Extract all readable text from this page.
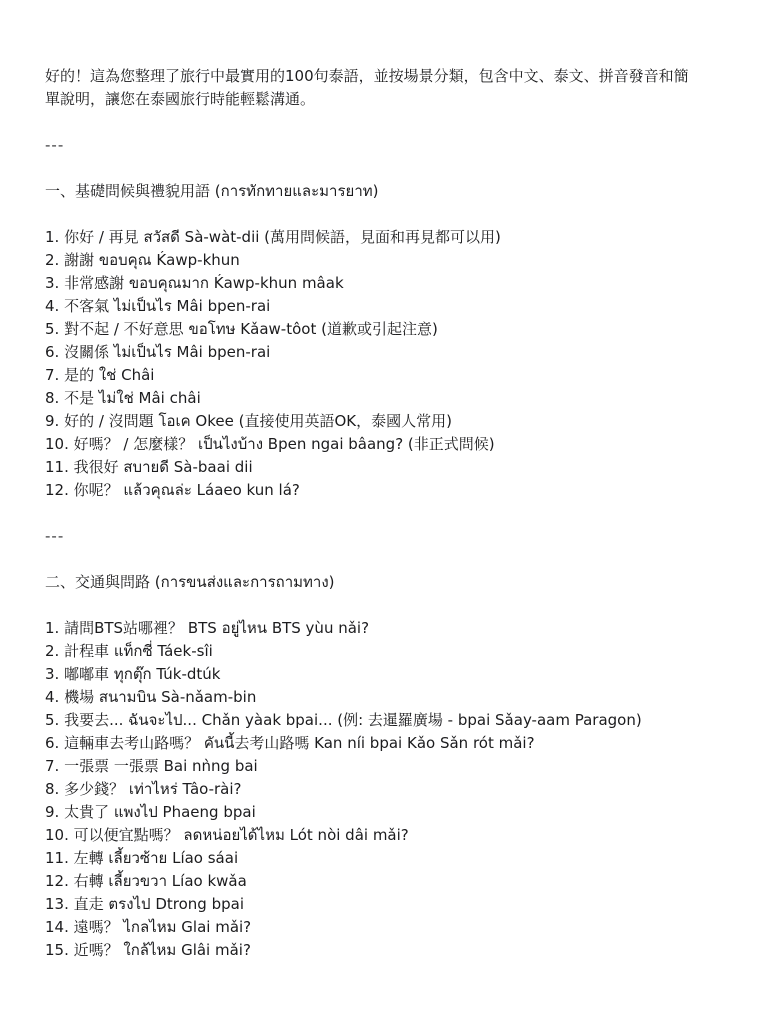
好的！這為您整理了旅行中最實用的100句泰語，並按場景分類，包含中文、泰文、拼音發音和簡
單說明，讓您在泰國旅行時能輕鬆溝通。
---
一、基礎問候與禮貌用語 (การทักทายและมารยาท)
1. 你好 / 再見 สวัสดี Sà-wàt-dii (萬用問候語，見面和再見都可以用)
2. 謝謝 ขอบคุณ Ḱawp-khun
3. 非常感謝 ขอบคุณมาก Ḱawp-khun mâak
4. 不客氣 ไม่เป็นไร Mâi bpen-rai
5. 對不起 / 不好意思 ขอโทษ Kǎaw-tôot (道歉或引起注意)
6. 沒關係 ไม่เป็นไร Mâi bpen-rai
7. 是的 ใช่ Châi
8. 不是 ไม่ใช่ Mâi châi
9. 好的 / 沒問題 โอเค Okee (直接使用英語OK，泰國人常用)
10. 好嗎？ / 怎麼樣？ เป็นไงบ้าง Bpen ngai bâang? (非正式問候)
11. 我很好 สบายดี Sà-baai dii
12. 你呢？ แล้วคุณล่ะ Láaeo kun lá?
---
二、交通與問路 (การขนส่งและการถามทาง)
1. 請問BTS站哪裡？ BTS อยู่ไหน BTS yùu nǎi?
2. 計程車 แท็กซี่ Táek-sîi
3. 嘟嘟車 ทุกตุ๊ก Túk-dtúk
4. 機場 สนามบิน Sà-nǎam-bin
5. 我要去... ฉันจะไป... Chǎn yàak bpai... (例: 去暹羅廣場 - bpai Sǎay-aam Paragon)
6. 這輛車去考山路嗎？ คันนี้去考山路嗎 Kan níi bpai Kǎo Sǎn rót mǎi?
7. 一張票 一張票 Bai nǹng bai
8. 多少錢？ เท่าไหร่ Tâo-rài?
9. 太貴了 แพงไป Phaeng bpai
10. 可以便宜點嗎？ ลดหน่อยได้ไหม Lót nòi dâi mǎi?
11. 左轉 เลี้ยวซ้าย Líao sáai
12. 右轉 เลี้ยวขวา Líao kwǎa
13. 直走 ตรงไป Dtrong bpai
14. 遠嗎？ ไกลไหม Glai mǎi?
15. 近嗎？ ใกล้ไหม Glâi mǎi?
